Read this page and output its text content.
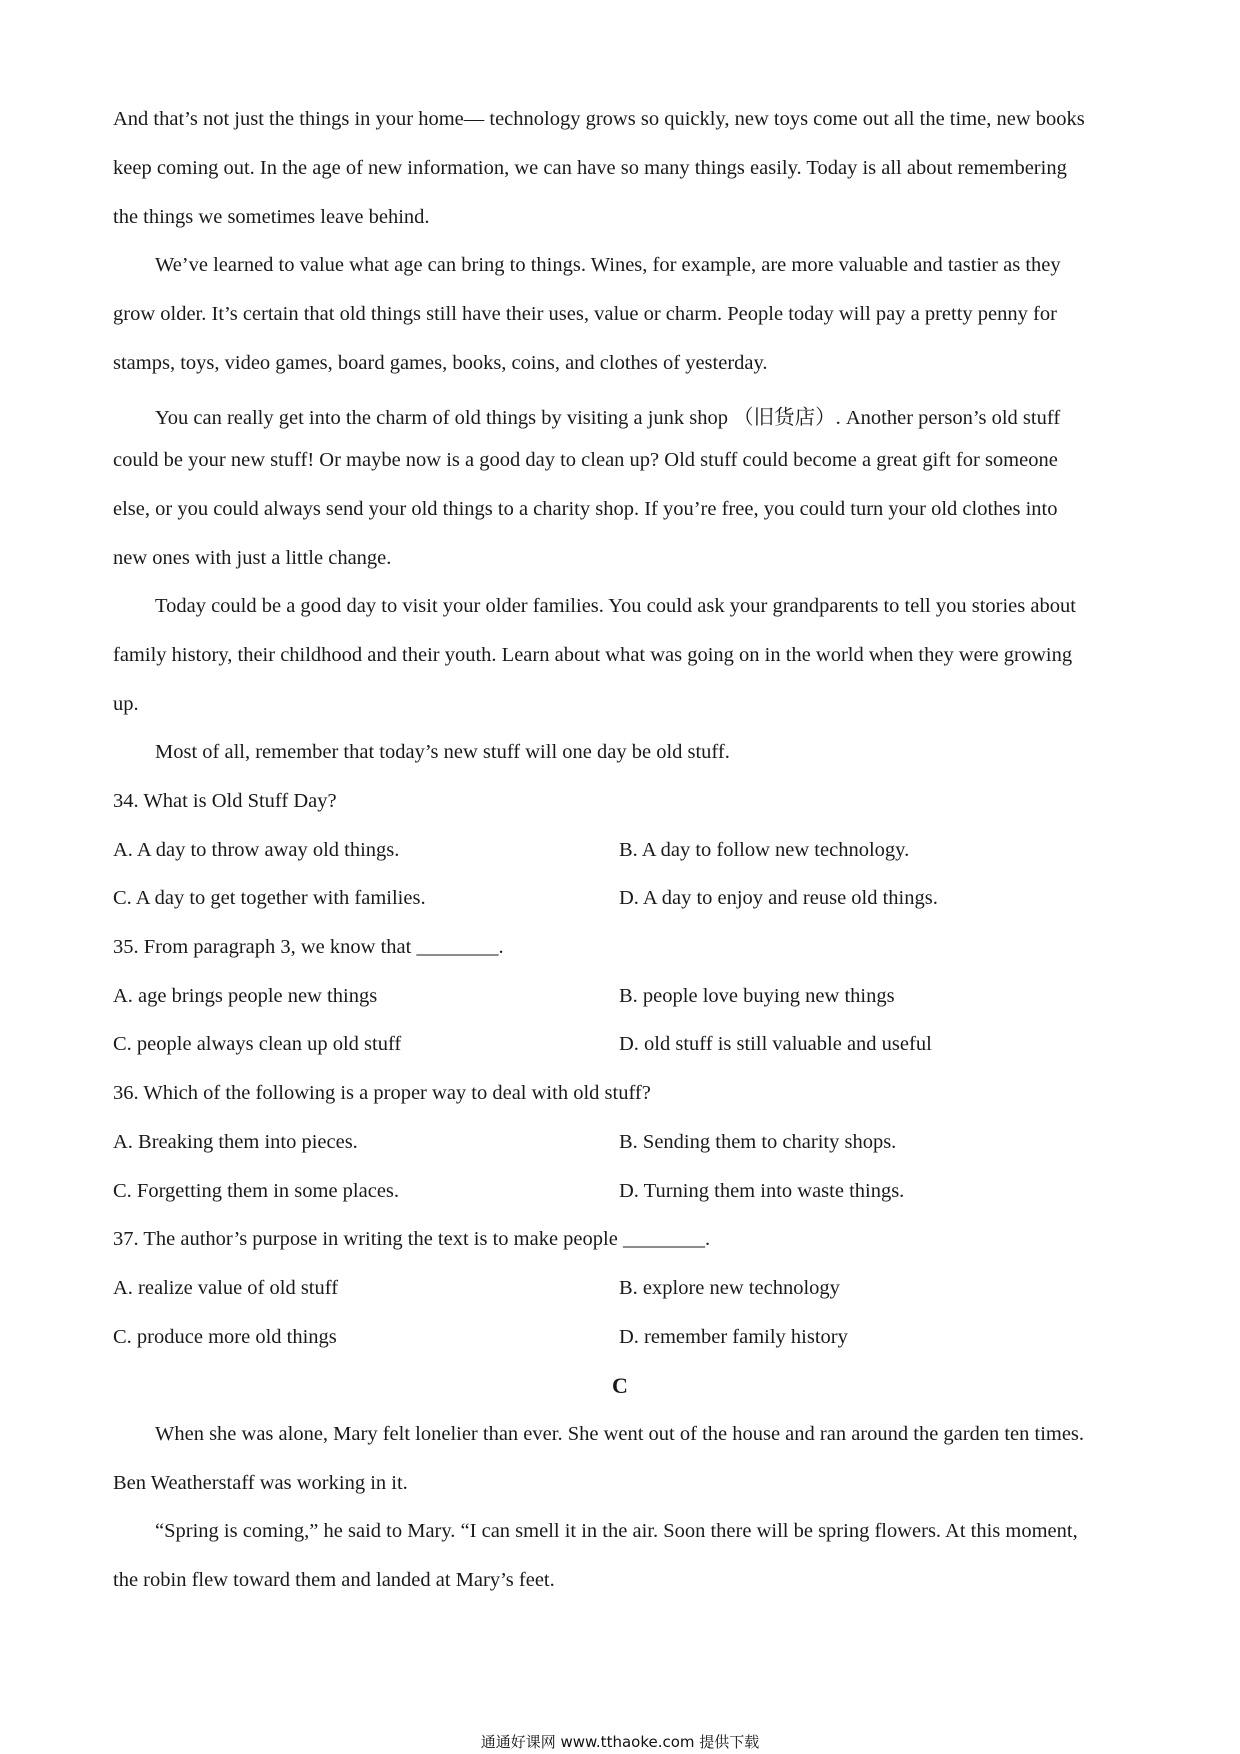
And that’s not just the things in your home— technology grows so quickly, new toys come out all the time, new books
keep coming out. In the age of new information, we can have so many things easily. Today is all about remembering
the things we sometimes leave behind.
We’ve learned to value what age can bring to things. Wines, for example, are more valuable and tastier as they
grow older. It’s certain that old things still have their uses, value or charm. People today will pay a pretty penny for
stamps, toys, video games, board games, books, coins, and clothes of yesterday.
You can really get into the charm of old things by visiting a junk shop （旧货店）. Another person’s old stuff
could be your new stuff! Or maybe now is a good day to clean up? Old stuff could become a great gift for someone
else, or you could always send your old things to a charity shop. If you’re free, you could turn your old clothes into
new ones with just a little change.
Today could be a good day to visit your older families. You could ask your grandparents to tell you stories about
family history, their childhood and their youth. Learn about what was going on in the world when they were growing
up.
Most of all, remember that today’s new stuff will one day be old stuff.
34. What is Old Stuff Day?
A. A day to throw away old things.	B. A day to follow new technology.
C. A day to get together with families.	D. A day to enjoy and reuse old things.
35. From paragraph 3, we know that ________.
A. age brings people new things	B. people love buying new things
C. people always clean up old stuff	D. old stuff is still valuable and useful
36. Which of the following is a proper way to deal with old stuff?
A. Breaking them into pieces.	B. Sending them to charity shops.
C. Forgetting them in some places.	D. Turning them into waste things.
37. The author’s purpose in writing the text is to make people ________.
A. realize value of old stuff	B. explore new technology
C. produce more old things	D. remember family history
C
When she was alone, Mary felt lonelier than ever. She went out of the house and ran around the garden ten times.
Ben Weatherstaff was working in it.
“Spring is coming,” he said to Mary. “I can smell it in the air. Soon there will be spring flowers. At this moment,
the robin flew toward them and landed at Mary’s feet.
通通好课网 www.tthaoke.com 提供下载
